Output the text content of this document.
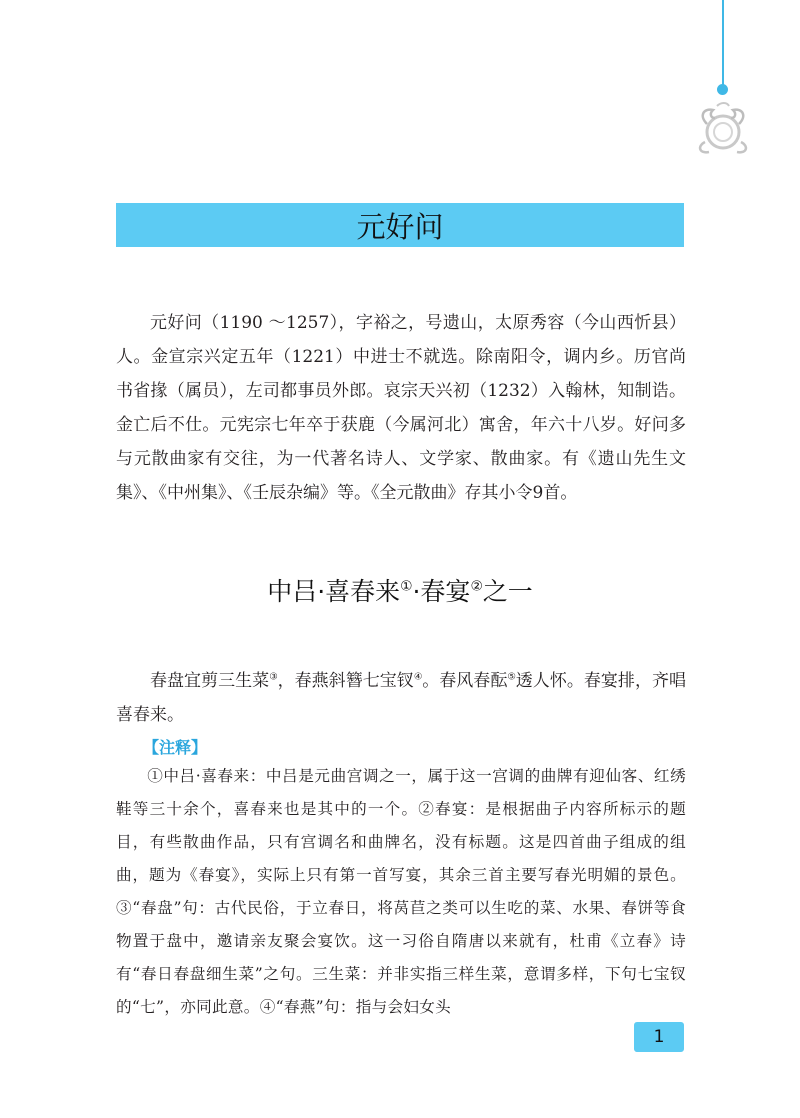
元好问

元好问（1190 ～1257），字裕之，号遗山，太原秀容（今山西忻县）人。金宣宗兴定五年（1221）中进士不就选。除南阳令，调内乡。历官尚书省掾（属员），左司都事员外郎。哀宗天兴初（1232）入翰林，知制诰。金亡后不仕。元宪宗七年卒于获鹿（今属河北）寓舍，年六十八岁。好问多与元散曲家有交往，为一代著名诗人、文学家、散曲家。有《遗山先生文集》、《中州集》、《壬辰杂编》等。《全元散曲》存其小令9首。

中吕·喜春来①·春宴②之一

春盘宜剪三生菜③，春燕斜簪七宝钗④。春风春酝⑤透人怀。春宴排，齐唱喜春来。

【注释】

①中吕·喜春来：中吕是元曲宫调之一，属于这一宫调的曲牌有迎仙客、红绣鞋等三十余个，喜春来也是其中的一个。②春宴：是根据曲子内容所标示的题目，有些散曲作品，只有宫调名和曲牌名，没有标题。这是四首曲子组成的组曲，题为《春宴》，实际上只有第一首写宴，其余三首主要写春光明媚的景色。③“春盘”句：古代民俗，于立春日，将莴苣之类可以生吃的菜、水果、春饼等食物置于盘中，邀请亲友聚会宴饮。这一习俗自隋唐以来就有，杜甫《立春》诗有“春日春盘细生菜”之句。三生菜：并非实指三样生菜，意谓多样，下句七宝钗的“七”，亦同此意。④“春燕”句：指与会妇女头

1
